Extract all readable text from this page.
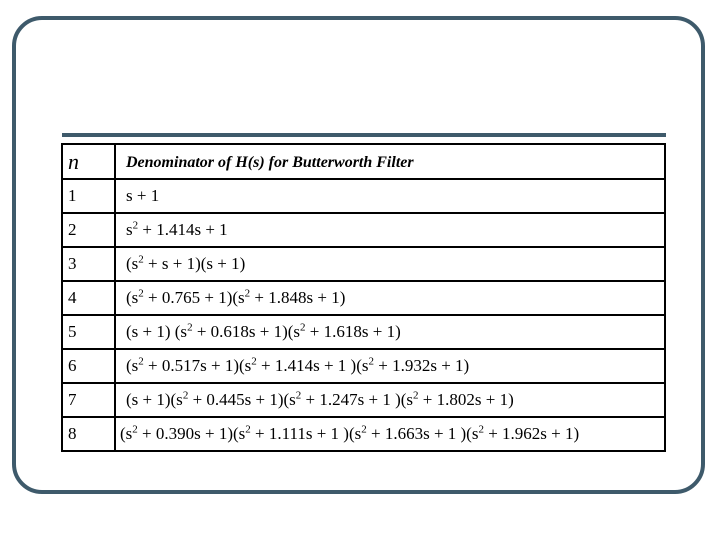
n	Denominator of H(s) for Butterworth Filter
1	s + 1
2	$s^2 + 1.414s + 1$
3	$(s^2 + s + 1)(s + 1)$
4	$(s^2 + 0.765 + 1)(s^2 + 1.848s + 1)$
5	(s + 1) $(s^2 + 0.618s + 1)(s^2 + 1.618s + 1)$
6	$(s^2 + 0.517s + 1)(s^2 + 1.414s + 1$ )$(s^2 + 1.932s + 1)$
7	$(s + 1)(s^2 + 0.445s + 1)(s^2 + 1.247s + 1$ )$(s^2 + 1.802s + 1)$
8	$(s^2 + 0.390s + 1)(s^2 + 1.111s + 1$ )($s^2 + 1.663s + 1$ )$(s^2 + 1.962s + 1)$
